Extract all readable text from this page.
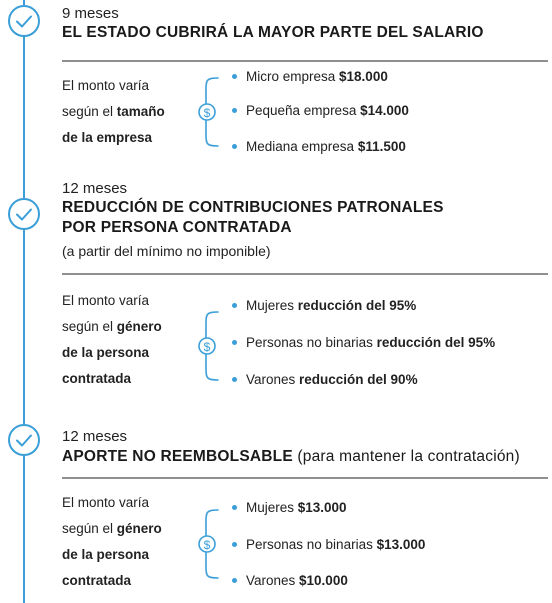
9 meses
EL ESTADO CUBRIRÁ LA MAYOR PARTE DEL SALARIO
El monto varía
según el tamaño
de la empresa
$
Micro empresa $18.000
Pequeña empresa $14.000
Mediana empresa $11.500
12 meses
REDUCCIÓN DE CONTRIBUCIONES PATRONALES
POR PERSONA CONTRATADA
(a partir del mínimo no imponible)
El monto varía
según el género
de la persona
contratada
$
Mujeres reducción del 95%
Personas no binarias reducción del 95%
Varones reducción del 90%
12 meses
APORTE NO REEMBOLSABLE (para mantener la contratación)
El monto varía
según el género
de la persona
contratada
$
Mujeres $13.000
Personas no binarias $13.000
Varones $10.000
